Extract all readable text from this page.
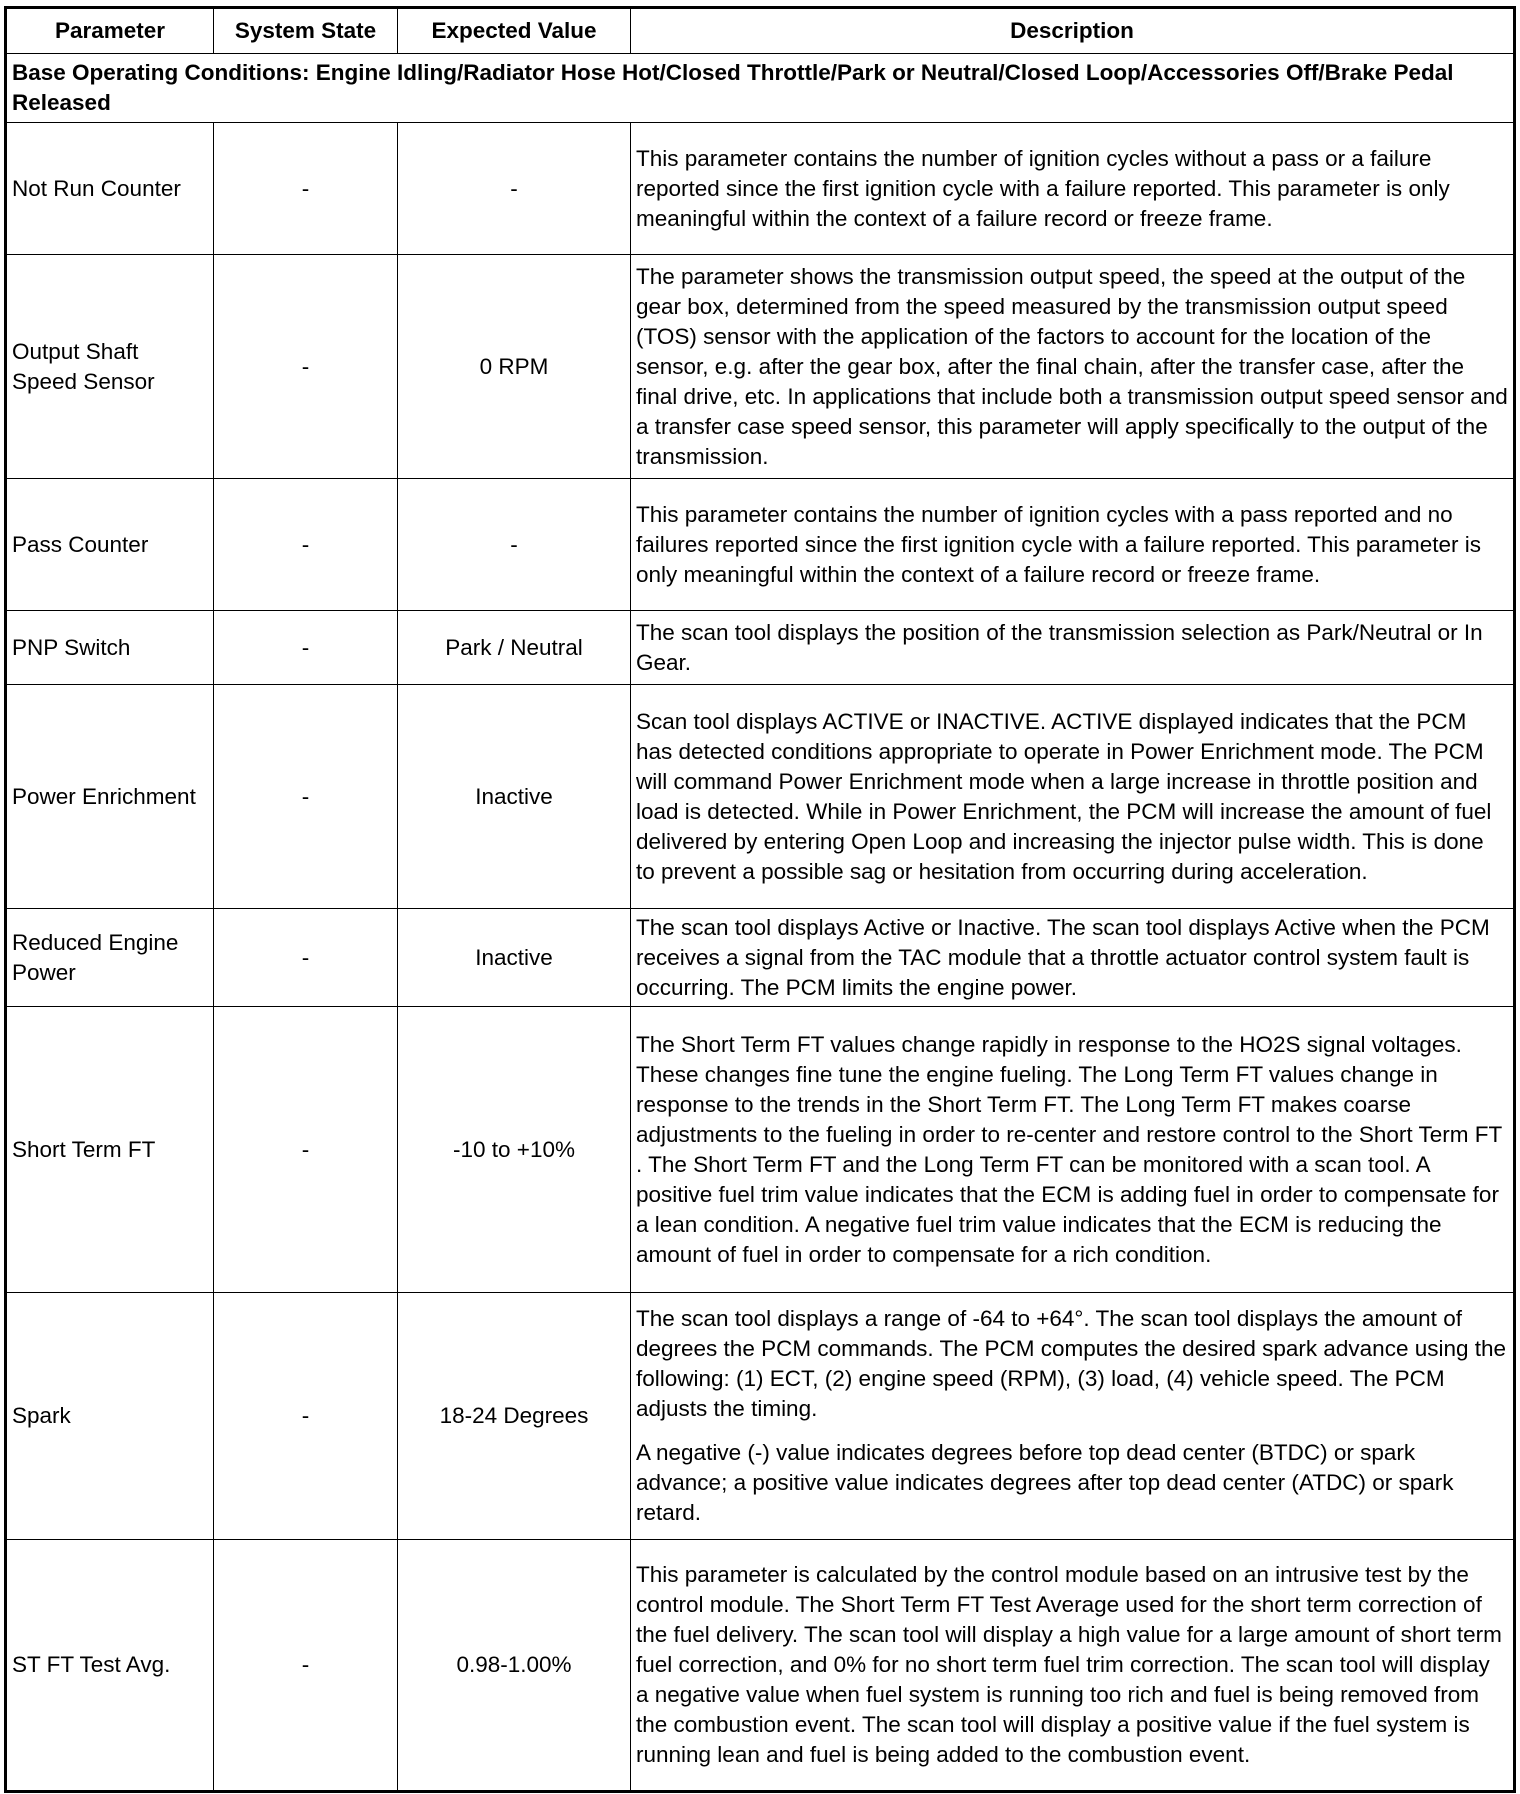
Parameter	System State	Expected Value	Description
Base Operating Conditions: Engine Idling/Radiator Hose Hot/Closed Throttle/Park or Neutral/Closed Loop/Accessories Off/Brake Pedal Released			
Not Run Counter	-	-	This parameter contains the number of ignition cycles without a pass or a failure reported since the first ignition cycle with a failure reported. This parameter is only meaningful within the context of a failure record or freeze frame.

Output Shaft Speed Sensor	-	0 RPM	The parameter shows the transmission output speed, the speed at the output of the gear box, determined from the speed measured by the transmission output speed (TOS) sensor with the application of the factors to account for the location of the sensor, e.g. after the gear box, after the final chain, after the transfer case, after the final drive, etc. In applications that include both a transmission output speed sensor and a transfer case speed sensor, this parameter will apply specifically to the output of the transmission.

Pass Counter	-	-	This parameter contains the number of ignition cycles with a pass reported and no failures reported since the first ignition cycle with a failure reported. This parameter is only meaningful within the context of a failure record or freeze frame.

PNP Switch	-	Park / Neutral	The scan tool displays the position of the transmission selection as Park/Neutral or In Gear.

Power Enrichment	-	Inactive	Scan tool displays ACTIVE or INACTIVE. ACTIVE displayed indicates that the PCM has detected conditions appropriate to operate in Power Enrichment mode. The PCM will command Power Enrichment mode when a large increase in throttle position and load is detected. While in Power Enrichment, the PCM will increase the amount of fuel delivered by entering Open Loop and increasing the injector pulse width. This is done to prevent a possible sag or hesitation from occurring during acceleration.

Reduced Engine Power	-	Inactive	The scan tool displays Active or Inactive. The scan tool displays Active when the PCM receives a signal from the TAC module that a throttle actuator control system fault is occurring. The PCM limits the engine power.

Short Term FT	-	-10 to +10%	The Short Term FT values change rapidly in response to the HO2S signal voltages. These changes fine tune the engine fueling. The Long Term FT values change in response to the trends in the Short Term FT. The Long Term FT makes coarse adjustments to the fueling in order to re-center and restore control to the Short Term FT . The Short Term FT and the Long Term FT can be monitored with a scan tool. A positive fuel trim value indicates that the ECM is adding fuel in order to compensate for a lean condition. A negative fuel trim value indicates that the ECM is reducing the amount of fuel in order to compensate for a rich condition.

Spark	-	18-24 Degrees	The scan tool displays a range of -64 to +64°. The scan tool displays the amount of degrees the PCM commands. The PCM computes the desired spark advance using the following: (1) ECT, (2) engine speed (RPM), (3) load, (4) vehicle speed. The PCM adjusts the timing.

A negative (-) value indicates degrees before top dead center (BTDC) or spark advance; a positive value indicates degrees after top dead center (ATDC) or spark retard.

ST FT Test Avg.	-	0.98-1.00%	This parameter is calculated by the control module based on an intrusive test by the control module. The Short Term FT Test Average used for the short term correction of the fuel delivery. The scan tool will display a high value for a large amount of short term fuel correction, and 0% for no short term fuel trim correction. The scan tool will display a negative value when fuel system is running too rich and fuel is being removed from the combustion event. The scan tool will display a positive value if the fuel system is running lean and fuel is being added to the combustion event.
